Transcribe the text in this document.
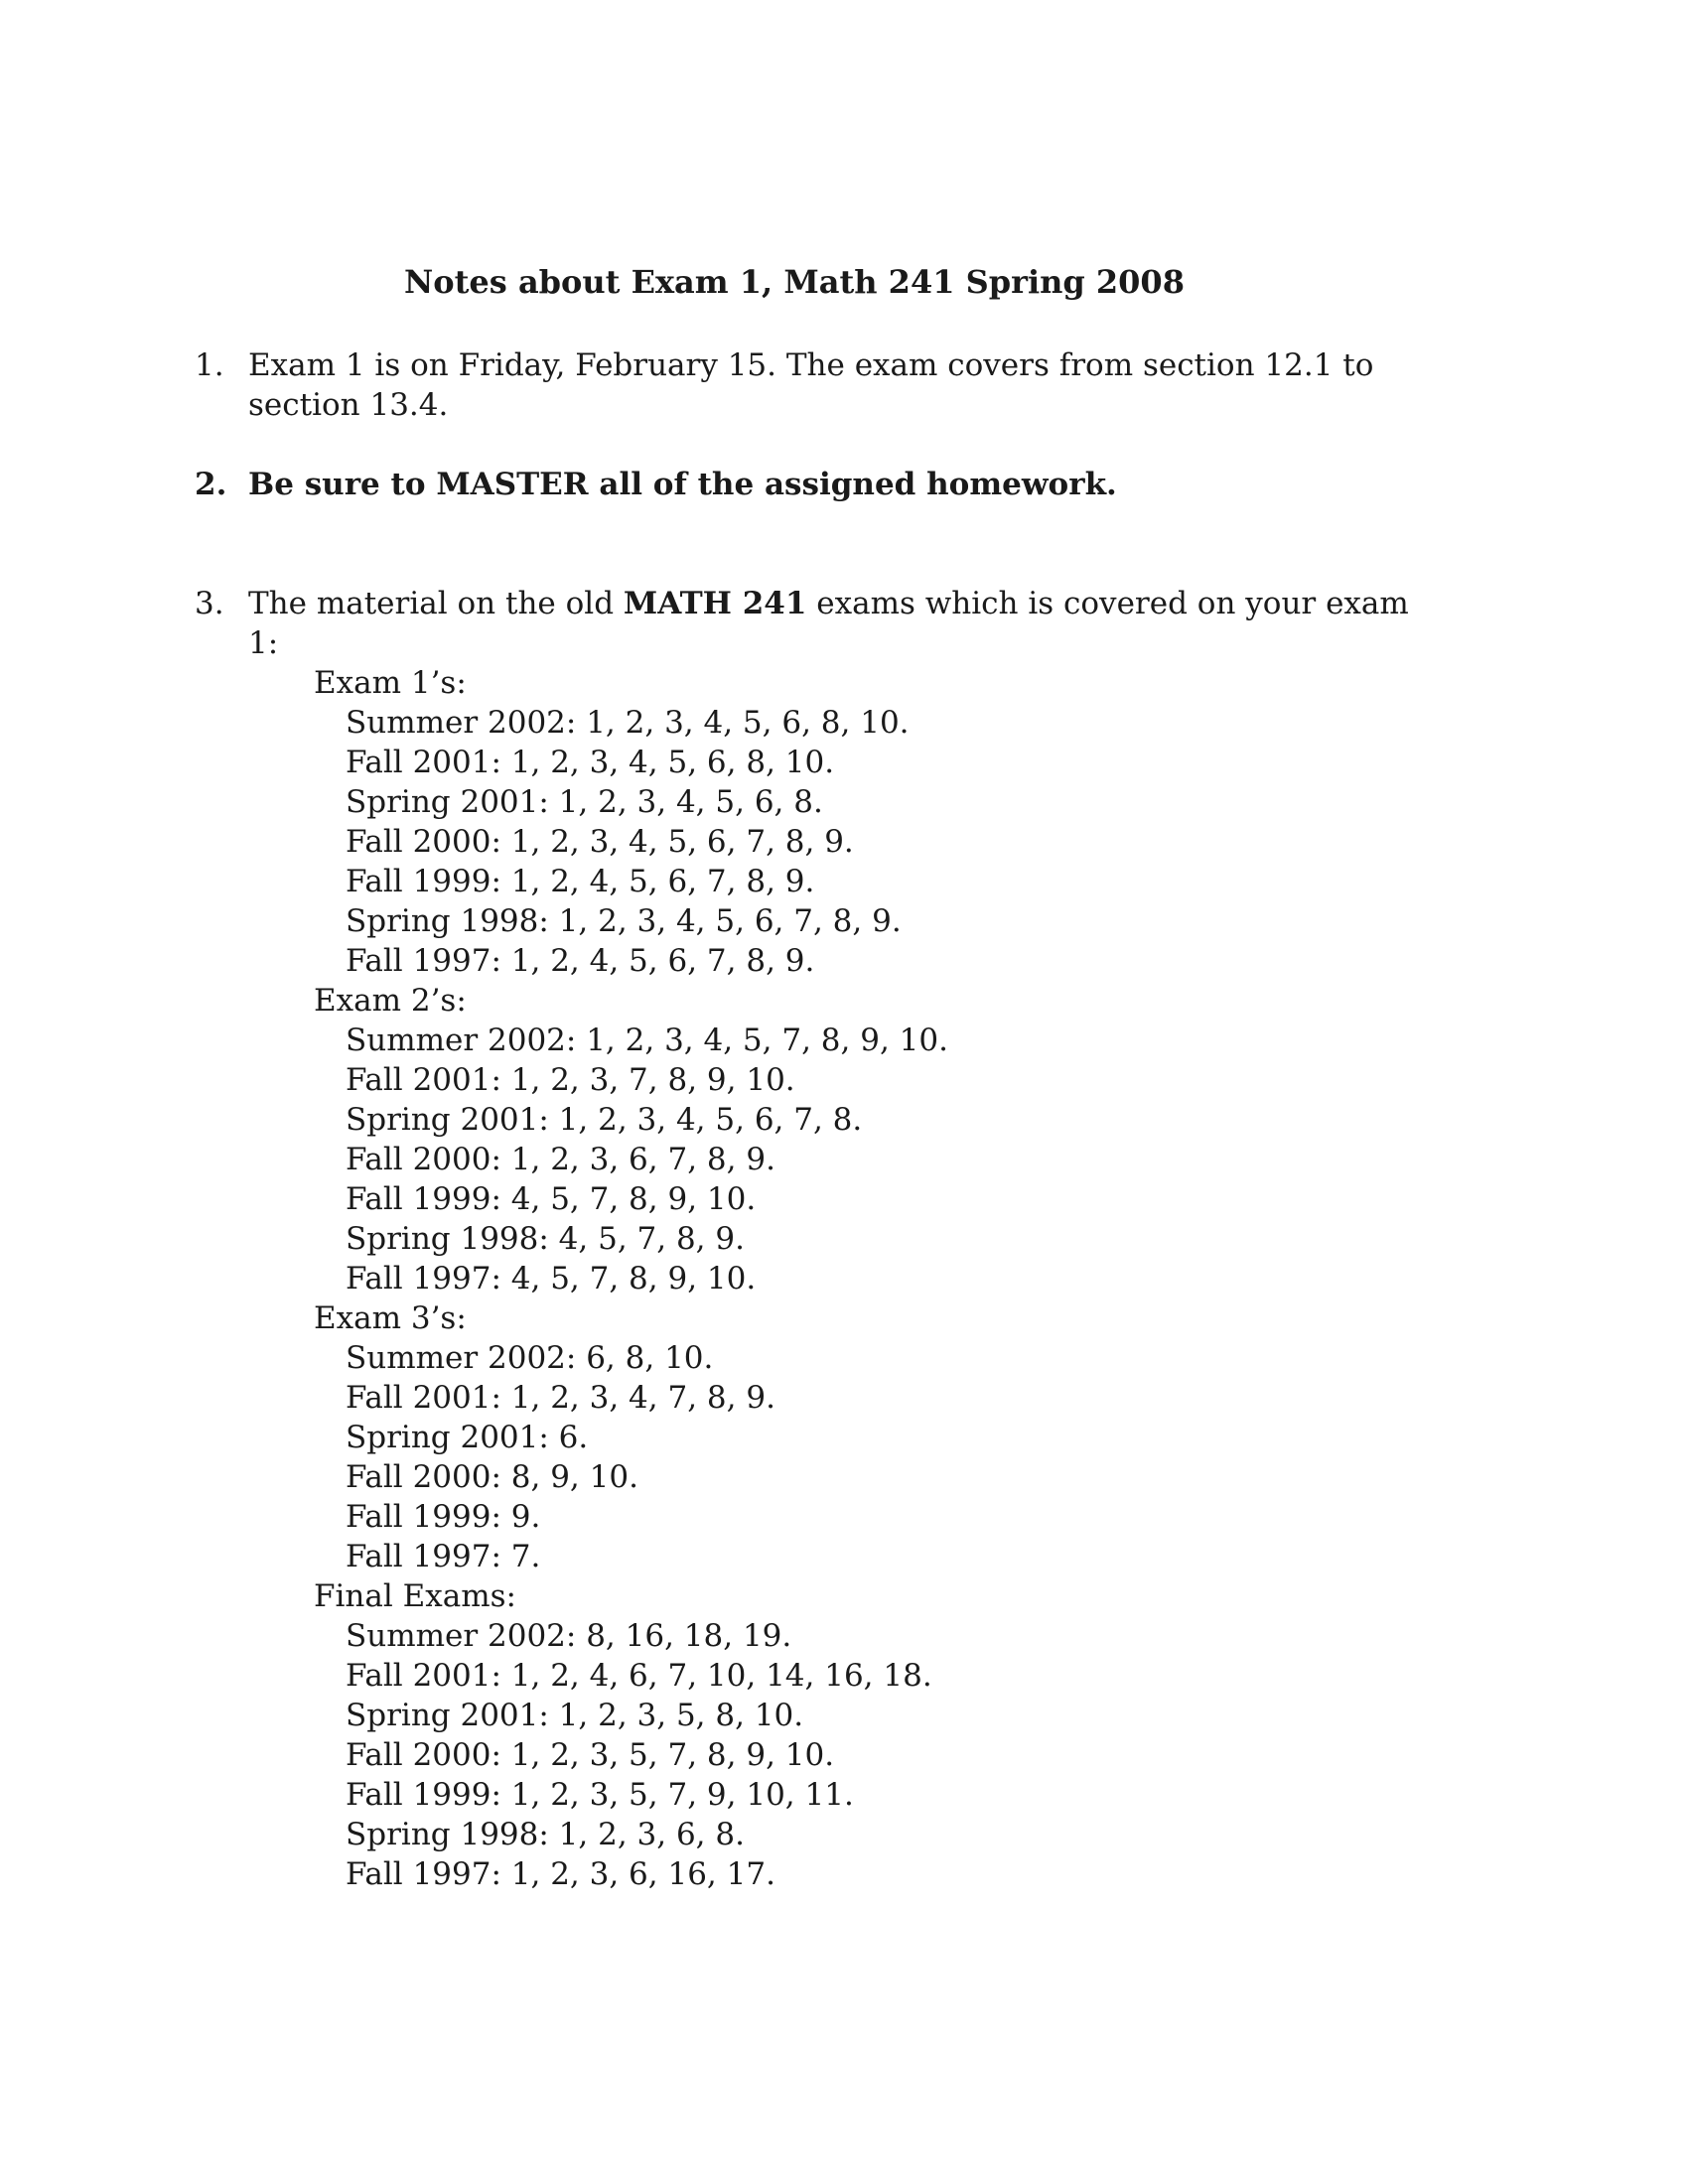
Notes about Exam 1, Math 241 Spring 2008
1. Exam 1 is on Friday, February 15. The exam covers from section 12.1 to section 13.4.
2. Be sure to MASTER all of the assigned homework.
3. The material on the old MATH 241 exams which is covered on your exam 1:
Exam 1’s:
Summer 2002: 1, 2, 3, 4, 5, 6, 8, 10.
Fall 2001: 1, 2, 3, 4, 5, 6, 8, 10.
Spring 2001: 1, 2, 3, 4, 5, 6, 8.
Fall 2000: 1, 2, 3, 4, 5, 6, 7, 8, 9.
Fall 1999: 1, 2, 4, 5, 6, 7, 8, 9.
Spring 1998: 1, 2, 3, 4, 5, 6, 7, 8, 9.
Fall 1997: 1, 2, 4, 5, 6, 7, 8, 9.
Exam 2’s:
Summer 2002: 1, 2, 3, 4, 5, 7, 8, 9, 10.
Fall 2001: 1, 2, 3, 7, 8, 9, 10.
Spring 2001: 1, 2, 3, 4, 5, 6, 7, 8.
Fall 2000: 1, 2, 3, 6, 7, 8, 9.
Fall 1999: 4, 5, 7, 8, 9, 10.
Spring 1998: 4, 5, 7, 8, 9.
Fall 1997: 4, 5, 7, 8, 9, 10.
Exam 3’s:
Summer 2002: 6, 8, 10.
Fall 2001: 1, 2, 3, 4, 7, 8, 9.
Spring 2001: 6.
Fall 2000: 8, 9, 10.
Fall 1999: 9.
Fall 1997: 7.
Final Exams:
Summer 2002: 8, 16, 18, 19.
Fall 2001: 1, 2, 4, 6, 7, 10, 14, 16, 18.
Spring 2001: 1, 2, 3, 5, 8, 10.
Fall 2000: 1, 2, 3, 5, 7, 8, 9, 10.
Fall 1999: 1, 2, 3, 5, 7, 9, 10, 11.
Spring 1998: 1, 2, 3, 6, 8.
Fall 1997: 1, 2, 3, 6, 16, 17.
